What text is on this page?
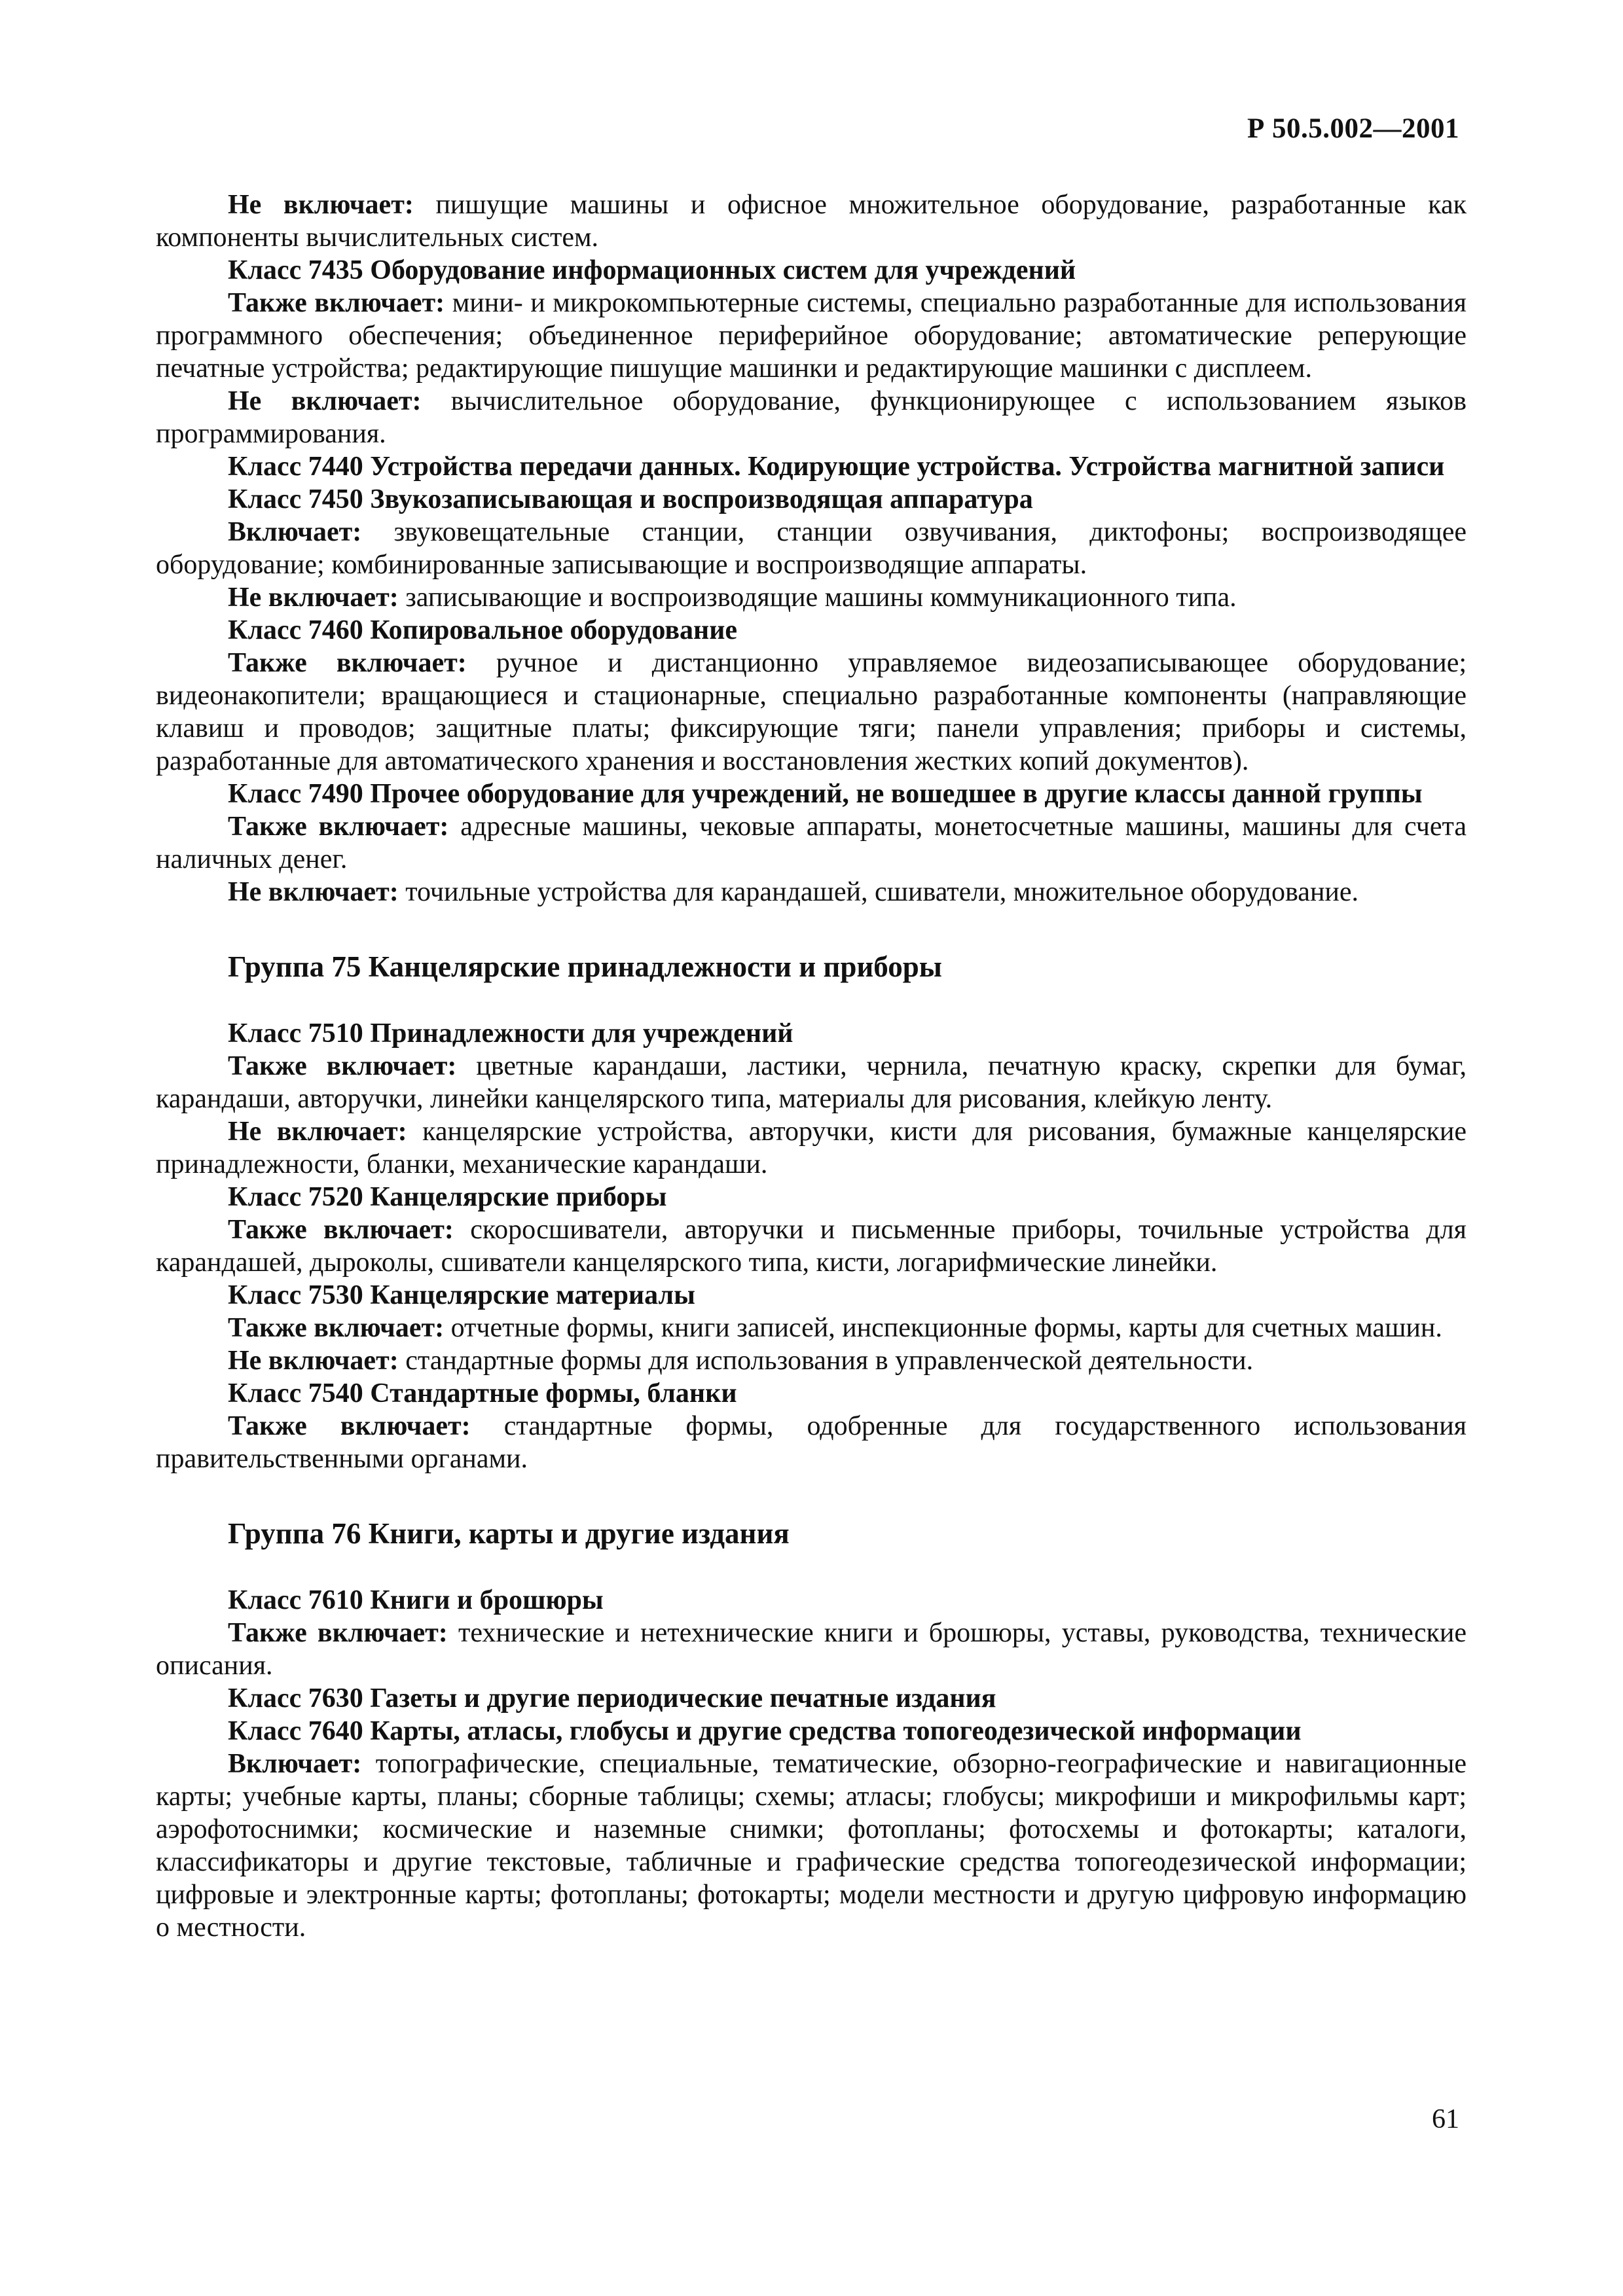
Р 50.5.002—2001

Не включает: пишущие машины и офисное множительное оборудование, разработанные как компоненты вычислительных систем.

Класс 7435 Оборудование информационных систем для учреждений

Также включает: мини- и микрокомпьютерные системы, специально разработанные для использования программного обеспечения; объединенное периферийное оборудование; автоматические реперующие печатные устройства; редактирующие пишущие машинки и редактирующие машинки с дисплеем.

Не включает: вычислительное оборудование, функционирующее с использованием языков программирования.

Класс 7440 Устройства передачи данных. Кодирующие устройства. Устройства магнитной записи

Класс 7450 Звукозаписывающая и воспроизводящая аппаратура

Включает: звуковещательные станции, станции озвучивания, диктофоны; воспроизводящее оборудование; комбинированные записывающие и воспроизводящие аппараты.

Не включает: записывающие и воспроизводящие машины коммуникационного типа.

Класс 7460 Копировальное оборудование

Также включает: ручное и дистанционно управляемое видеозаписывающее оборудование; видеонакопители; вращающиеся и стационарные, специально разработанные компоненты (направляющие клавиш и проводов; защитные платы; фиксирующие тяги; панели управления; приборы и системы, разработанные для автоматического хранения и восстановления жестких копий документов).

Класс 7490 Прочее оборудование для учреждений, не вошедшее в другие классы данной группы

Также включает: адресные машины, чековые аппараты, монетосчетные машины, машины для счета наличных денег.

Не включает: точильные устройства для карандашей, сшиватели, множительное оборудование.

Группа 75 Канцелярские принадлежности и приборы

Класс 7510 Принадлежности для учреждений

Также включает: цветные карандаши, ластики, чернила, печатную краску, скрепки для бумаг, карандаши, авторучки, линейки канцелярского типа, материалы для рисования, клейкую ленту.

Не включает: канцелярские устройства, авторучки, кисти для рисования, бумажные канцелярские принадлежности, бланки, механические карандаши.

Класс 7520 Канцелярские приборы

Также включает: скоросшиватели, авторучки и письменные приборы, точильные устройства для карандашей, дыроколы, сшиватели канцелярского типа, кисти, логарифмические линейки.

Класс 7530 Канцелярские материалы

Также включает: отчетные формы, книги записей, инспекционные формы, карты для счетных машин.

Не включает: стандартные формы для использования в управленческой деятельности.

Класс 7540 Стандартные формы, бланки

Также включает: стандартные формы, одобренные для государственного использования правительственными органами.

Группа 76 Книги, карты и другие издания

Класс 7610 Книги и брошюры

Также включает: технические и нетехнические книги и брошюры, уставы, руководства, технические описания.

Класс 7630 Газеты и другие периодические печатные издания

Класс 7640 Карты, атласы, глобусы и другие средства топогеодезической информации

Включает: топографические, специальные, тематические, обзорно-географические и навигационные карты; учебные карты, планы; сборные таблицы; схемы; атласы; глобусы; микрофиши и микрофильмы карт; аэрофотоснимки; космические и наземные снимки; фотопланы; фотосхемы и фотокарты; каталоги, классификаторы и другие текстовые, табличные и графические средства топогеодезической информации; цифровые и электронные карты; фотопланы; фотокарты; модели местности и другую цифровую информацию о местности.

61
